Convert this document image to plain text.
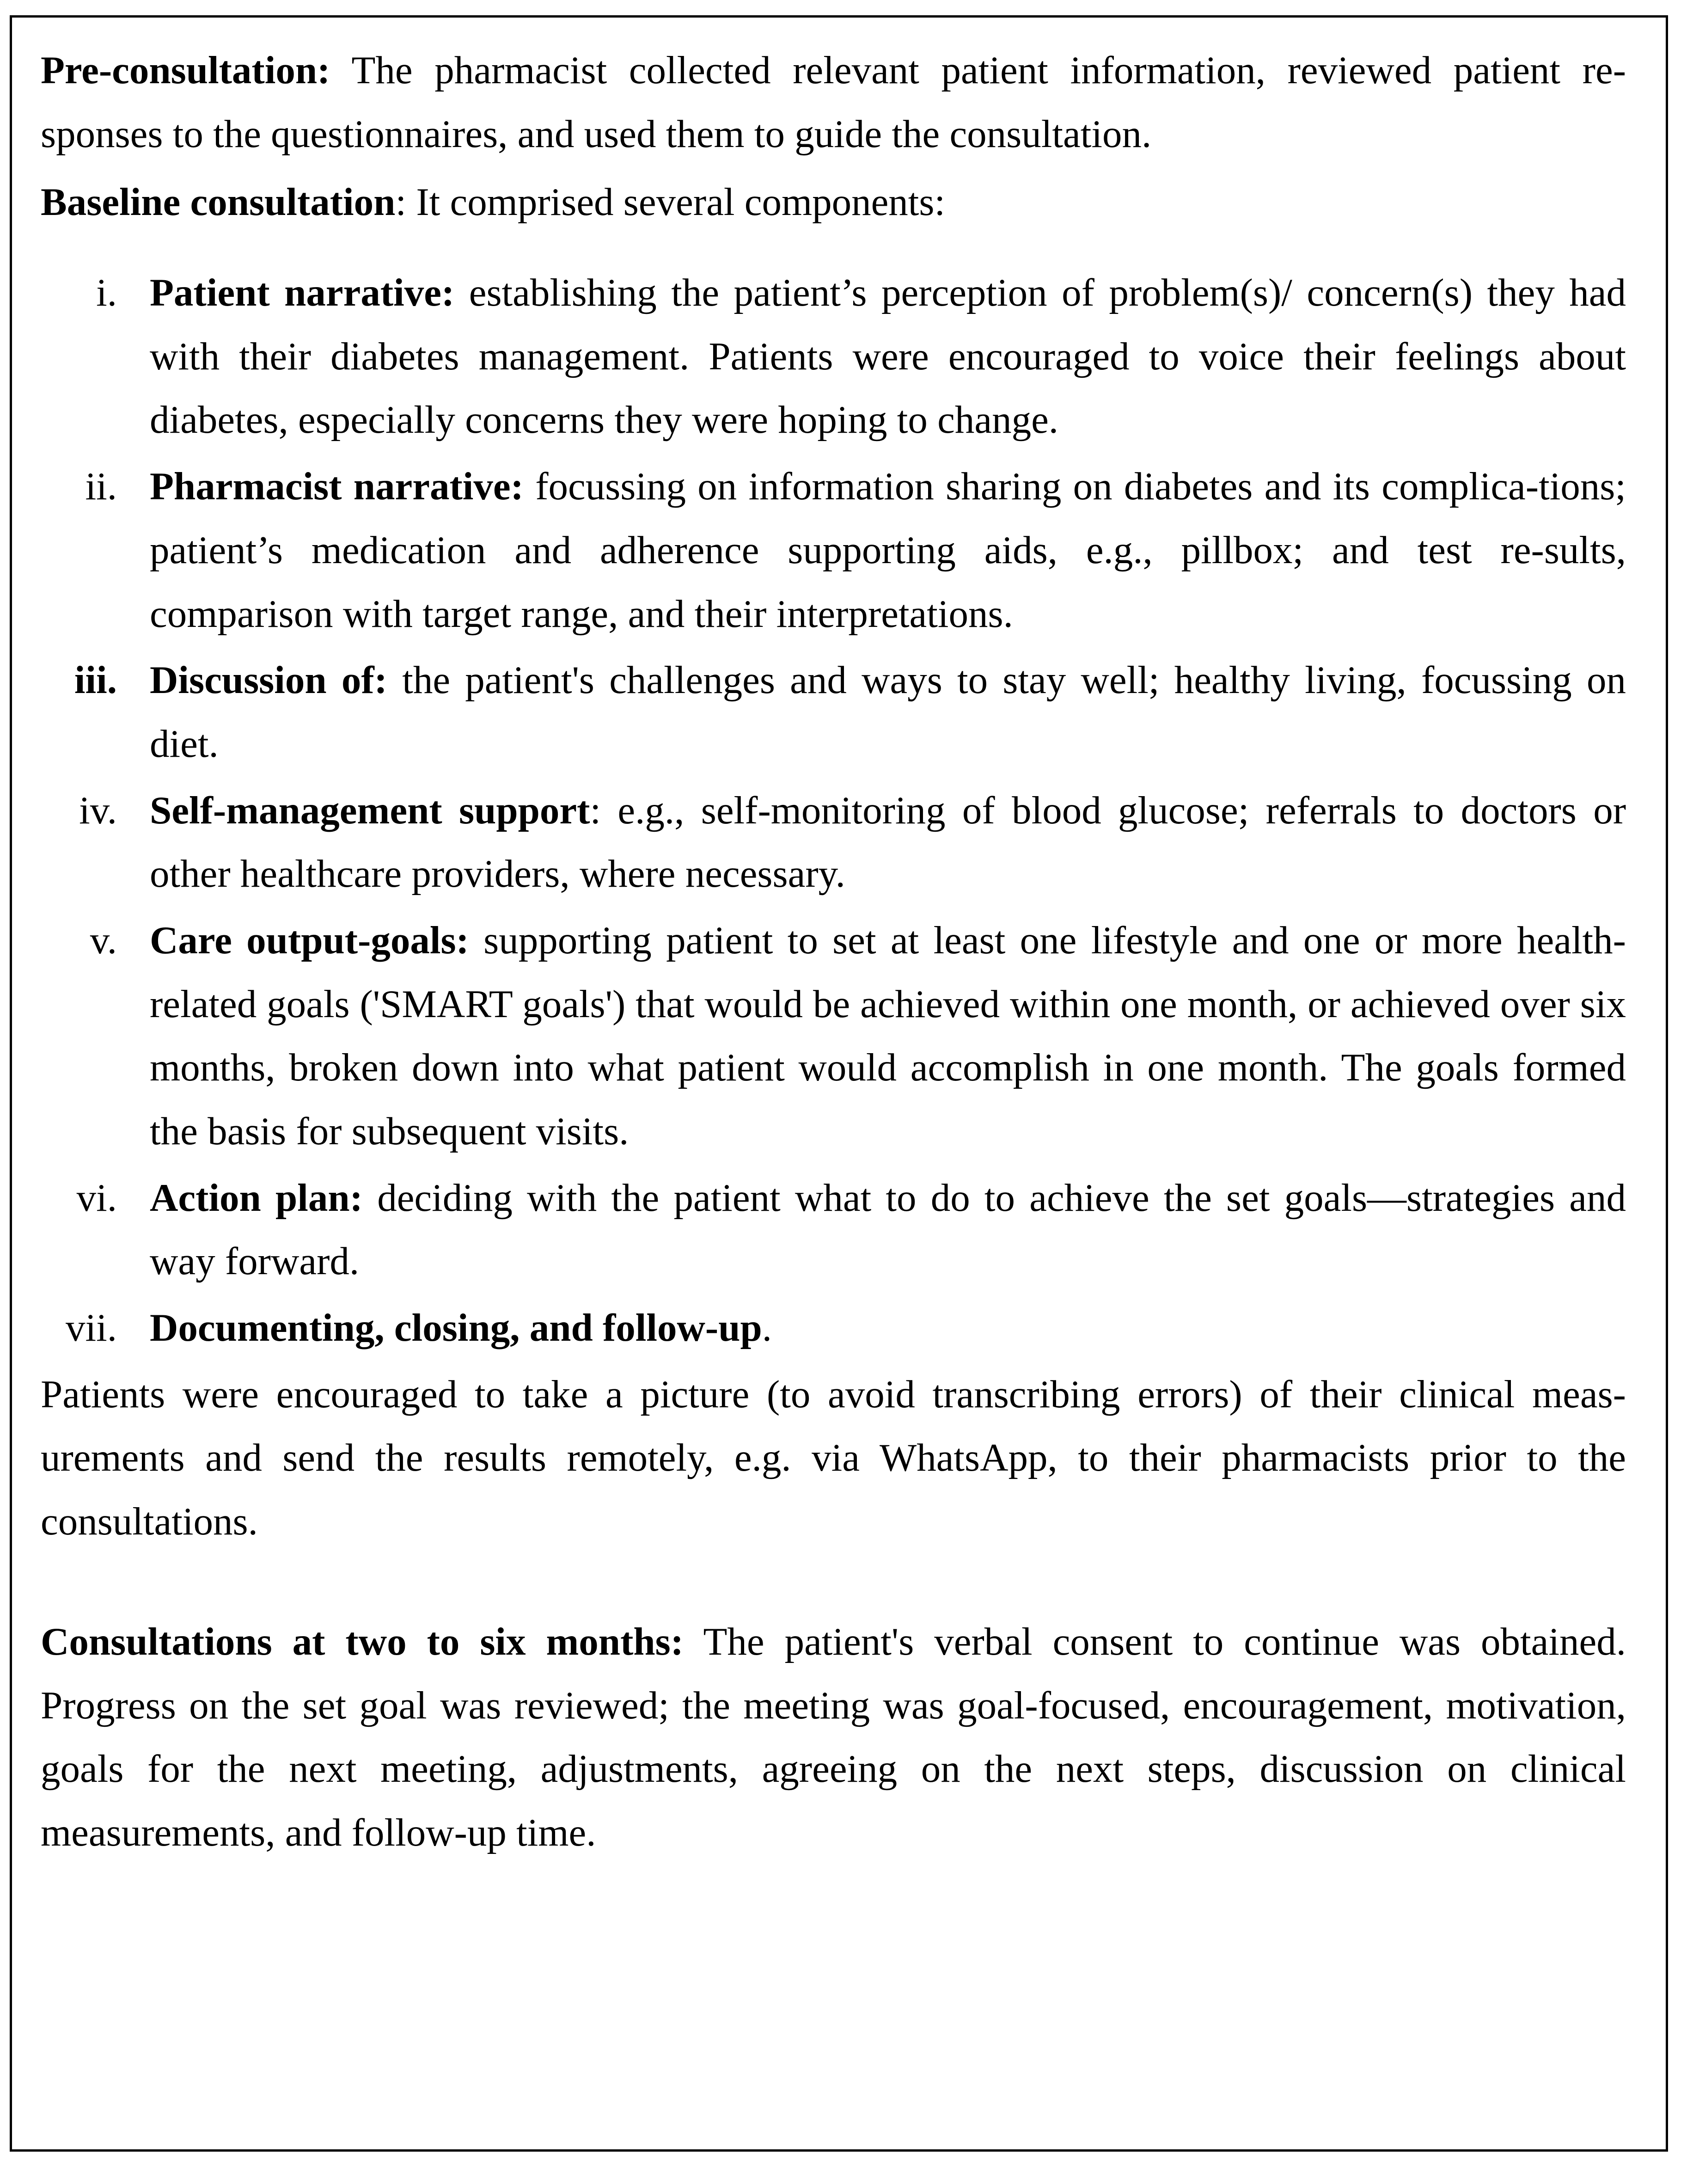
Pre-consultation: The pharmacist collected relevant patient information, reviewed patient re-sponses to the questionnaires, and used them to guide the consultation.

Baseline consultation: It comprised several components:

i. Patient narrative: establishing the patient’s perception of problem(s)/ concern(s) they had with their diabetes management. Patients were encouraged to voice their feelings about diabetes, especially concerns they were hoping to change.
ii. Pharmacist narrative: focussing on information sharing on diabetes and its complica-tions; patient’s medication and adherence supporting aids, e.g., pillbox; and test re-sults, comparison with target range, and their interpretations.
iii. Discussion of: the patient's challenges and ways to stay well; healthy living, focussing on diet.
iv. Self-management support: e.g., self-monitoring of blood glucose; referrals to doctors or other healthcare providers, where necessary.
v. Care output-goals: supporting patient to set at least one lifestyle and one or more health-related goals ('SMART goals') that would be achieved within one month, or achieved over six months, broken down into what patient would accomplish in one month. The goals formed the basis for subsequent visits.
vi. Action plan: deciding with the patient what to do to achieve the set goals—strategies and way forward.
vii. Documenting, closing, and follow-up.

Patients were encouraged to take a picture (to avoid transcribing errors) of their clinical meas-urements and send the results remotely, e.g. via WhatsApp, to their pharmacists prior to the consultations.

Consultations at two to six months: The patient's verbal consent to continue was obtained. Progress on the set goal was reviewed; the meeting was goal-focused, encouragement, motivation, goals for the next meeting, adjustments, agreeing on the next steps, discussion on clinical measurements, and follow-up time.
